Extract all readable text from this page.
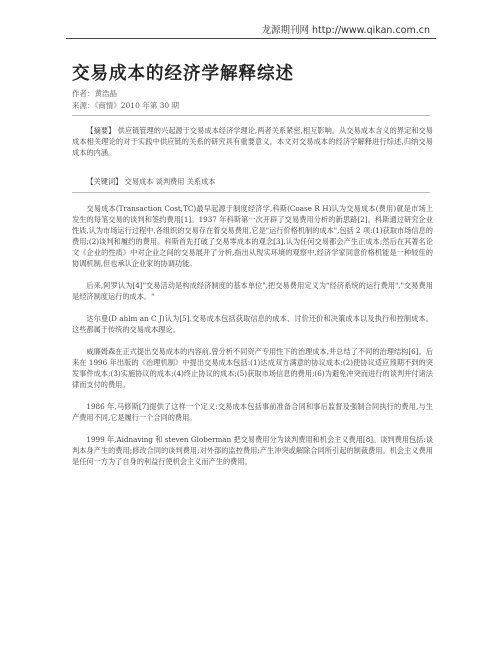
龙源期刊网 http://www.qikan.com.cn
交易成本的经济学解释综述
作者：黄浩晶
来源：《商情》2010 年第 30 期

【摘要】 供应链管理的兴起源于交易成本经济学理论,两者关系紧密,相互影响。从交易成本含义的界定和交易成本相关理论的对于实践中供应链的关系的研究具有重要意义。本文对交易成本的经济学解释进行综述,归纳交易成本的内涵。

【关键词】 交易成本 谈判费用 关系成本

交易成本(Transaction Cost,TC)最早起源于制度经济学,科斯(Coase R H)认为交易成本(费用)就是市场上发生的每笔交易的谈判和签约费用[1]。1937 年科斯第一次开辟了交易费用分析的新思路[2]。科斯通过研究企业性质,认为市场运行过程中,各组织的交易存在着交易费用,它是"运行价格机制的成本",包括 2 项:(1)获取市场信息的费用;(2)谈判和履约的费用。科斯首先打破了交易零成本的观念[3],认为任何交易都会产生正成本;然后在其著名论文《企业的性质》中对企业之间的交易展开了分析,指出从现实环境的观察中,经济学家同意价格机能是一种较佳的协调机制,但也承认企业家的协调功能。

后来,阿罗认为[4]"交易活动是构成经济制度的基本单位",把交易费用定义为"经济系统的运行费用","交易费用是经济制度运行的成本。"

达尔曼(D ahlm an C J)认为[5],交易成本包括获取信息的成本、讨价还价和决策成本以及执行和控制成本。这些都属于传统的交易成本理论。

威廉姆森在正式提出交易成本的内容前,曾分析不同资产专用性下的治理成本,并总结了不同的治理结构[6]。后来在 1996 年出版的《治理机制》中提出交易成本包括:(1)达成双方满意的协议成本;(2)使协议适应预期不到的突发事件成本;(3)实施协议的成本;(4)终止协议的成本;(5)获取市场信息的费用;(6)为避免冲突而进行的谈判并付诸法律而支付的费用。

1986 年,马修斯[7]提供了这样一个定义:交易成本包括事前准备合同和事后监督及强制合同执行的费用,与生产费用不同,它是履行一个合同的费用。

1999 年,Aidnaving 和 steven Globerman 把交易费用分为谈判费用和机会主义费用[8]。谈判费用包括:谈判本身产生的费用;修改合同的谈判费用;对外部的监控费用;产生冲突或解除合同所引起的制裁费用。机会主义费用是任何一方为了自身的利益行使机会主义而产生的费用。
